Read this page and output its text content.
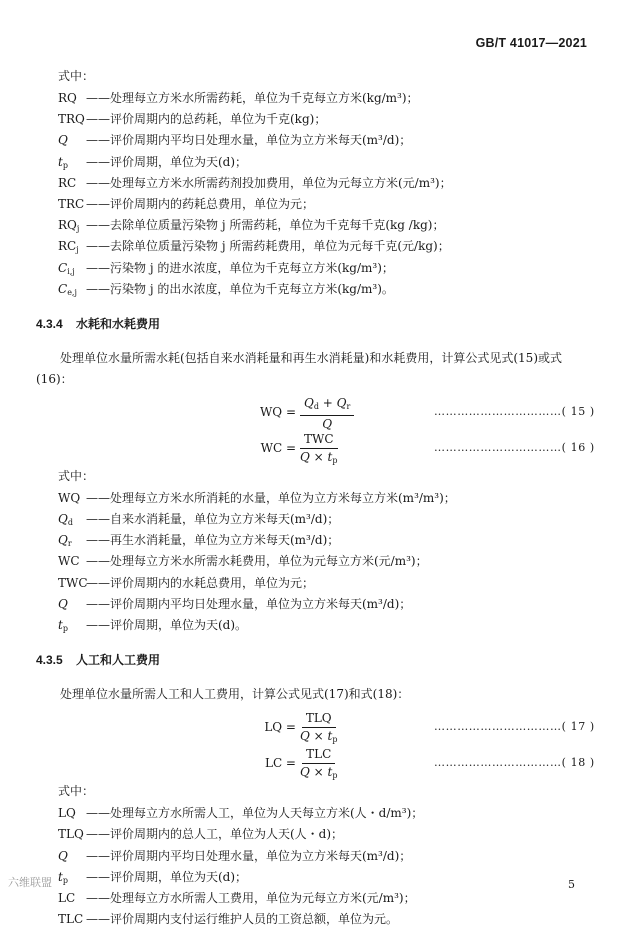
GB/T 41017—2021
式中：
RQ ——处理每立方米水所需药耗，单位为千克每立方米(kg/m³)；
TRQ ——评价周期内的总药耗，单位为千克(kg)；
Q	——评价周期内平均日处理水量，单位为立方米每天(m³/d)；
$t_p$	——评价周期，单位为天(d)；
RC ——处理每立方米水所需药剂投加费用，单位为元每立方米(元/m³)；
TRC ——评价周期内的药耗总费用，单位为元；
$RQ_j$ ——去除单位质量污染物 j 所需药耗，单位为千克每千克(kg /kg)；
$RC_j$ ——去除单位质量污染物 j 所需药耗费用，单位为元每千克(元/kg)；
$C_{i,j}$ ——污染物 j 的进水浓度，单位为千克每立方米(kg/m³)；
$C_{e,j}$ ——污染物 j 的出水浓度，单位为千克每立方米(kg/m³)。
4.3.4 水耗和水耗费用
处理单位水量所需水耗(包括自来水消耗量和再生水消耗量)和水耗费用，计算公式见式(15)或式(16)：
WQ = $\frac{Q_d + Q_r}{Q}$	……………………………( 15 )
WC =
TWC
$Q \times t_p$
……………………………( 16 )
式中：
WQ ——处理每立方米水所消耗的水量，单位为立方米每立方米(m³/m³)；
$Q_d$	——自来水消耗量，单位为立方米每天(m³/d)；
$Q_r$	——再生水消耗量，单位为立方米每天(m³/d)；
WC ——处理每立方米水所需水耗费用，单位为元每立方米(元/m³)；
TWC
——评价周期内的水耗总费用，单位为元；
Q	——评价周期内平均日处理水量，单位为立方米每天(m³/d)；
$t_p$	——评价周期，单位为天(d)。
4.3.5 人工和人工费用
处理单位水量所需人工和人工费用，计算公式见式(17)和式(18)：
LQ =
TLQ
$Q \times t_p$
……………………………( 17 )
LC =
TLC
$Q \times t_p$
……………………………( 18 )
式中：
LQ ——处理每立方水所需人工，单位为人天每立方米(人・d/m³)；
TLQ ——评价周期内的总人工，单位为人天(人・d)；
Q	——评价周期内平均日处理水量，单位为立方米每天(m³/d)；
$t_p$	——评价周期，单位为天(d)；
LC ——处理每立方水所需人工费用，单位为元每立方米(元/m³)；
TLC ——评价周期内支付运行维护人员的工资总额，单位为元。
六维联盟	5
